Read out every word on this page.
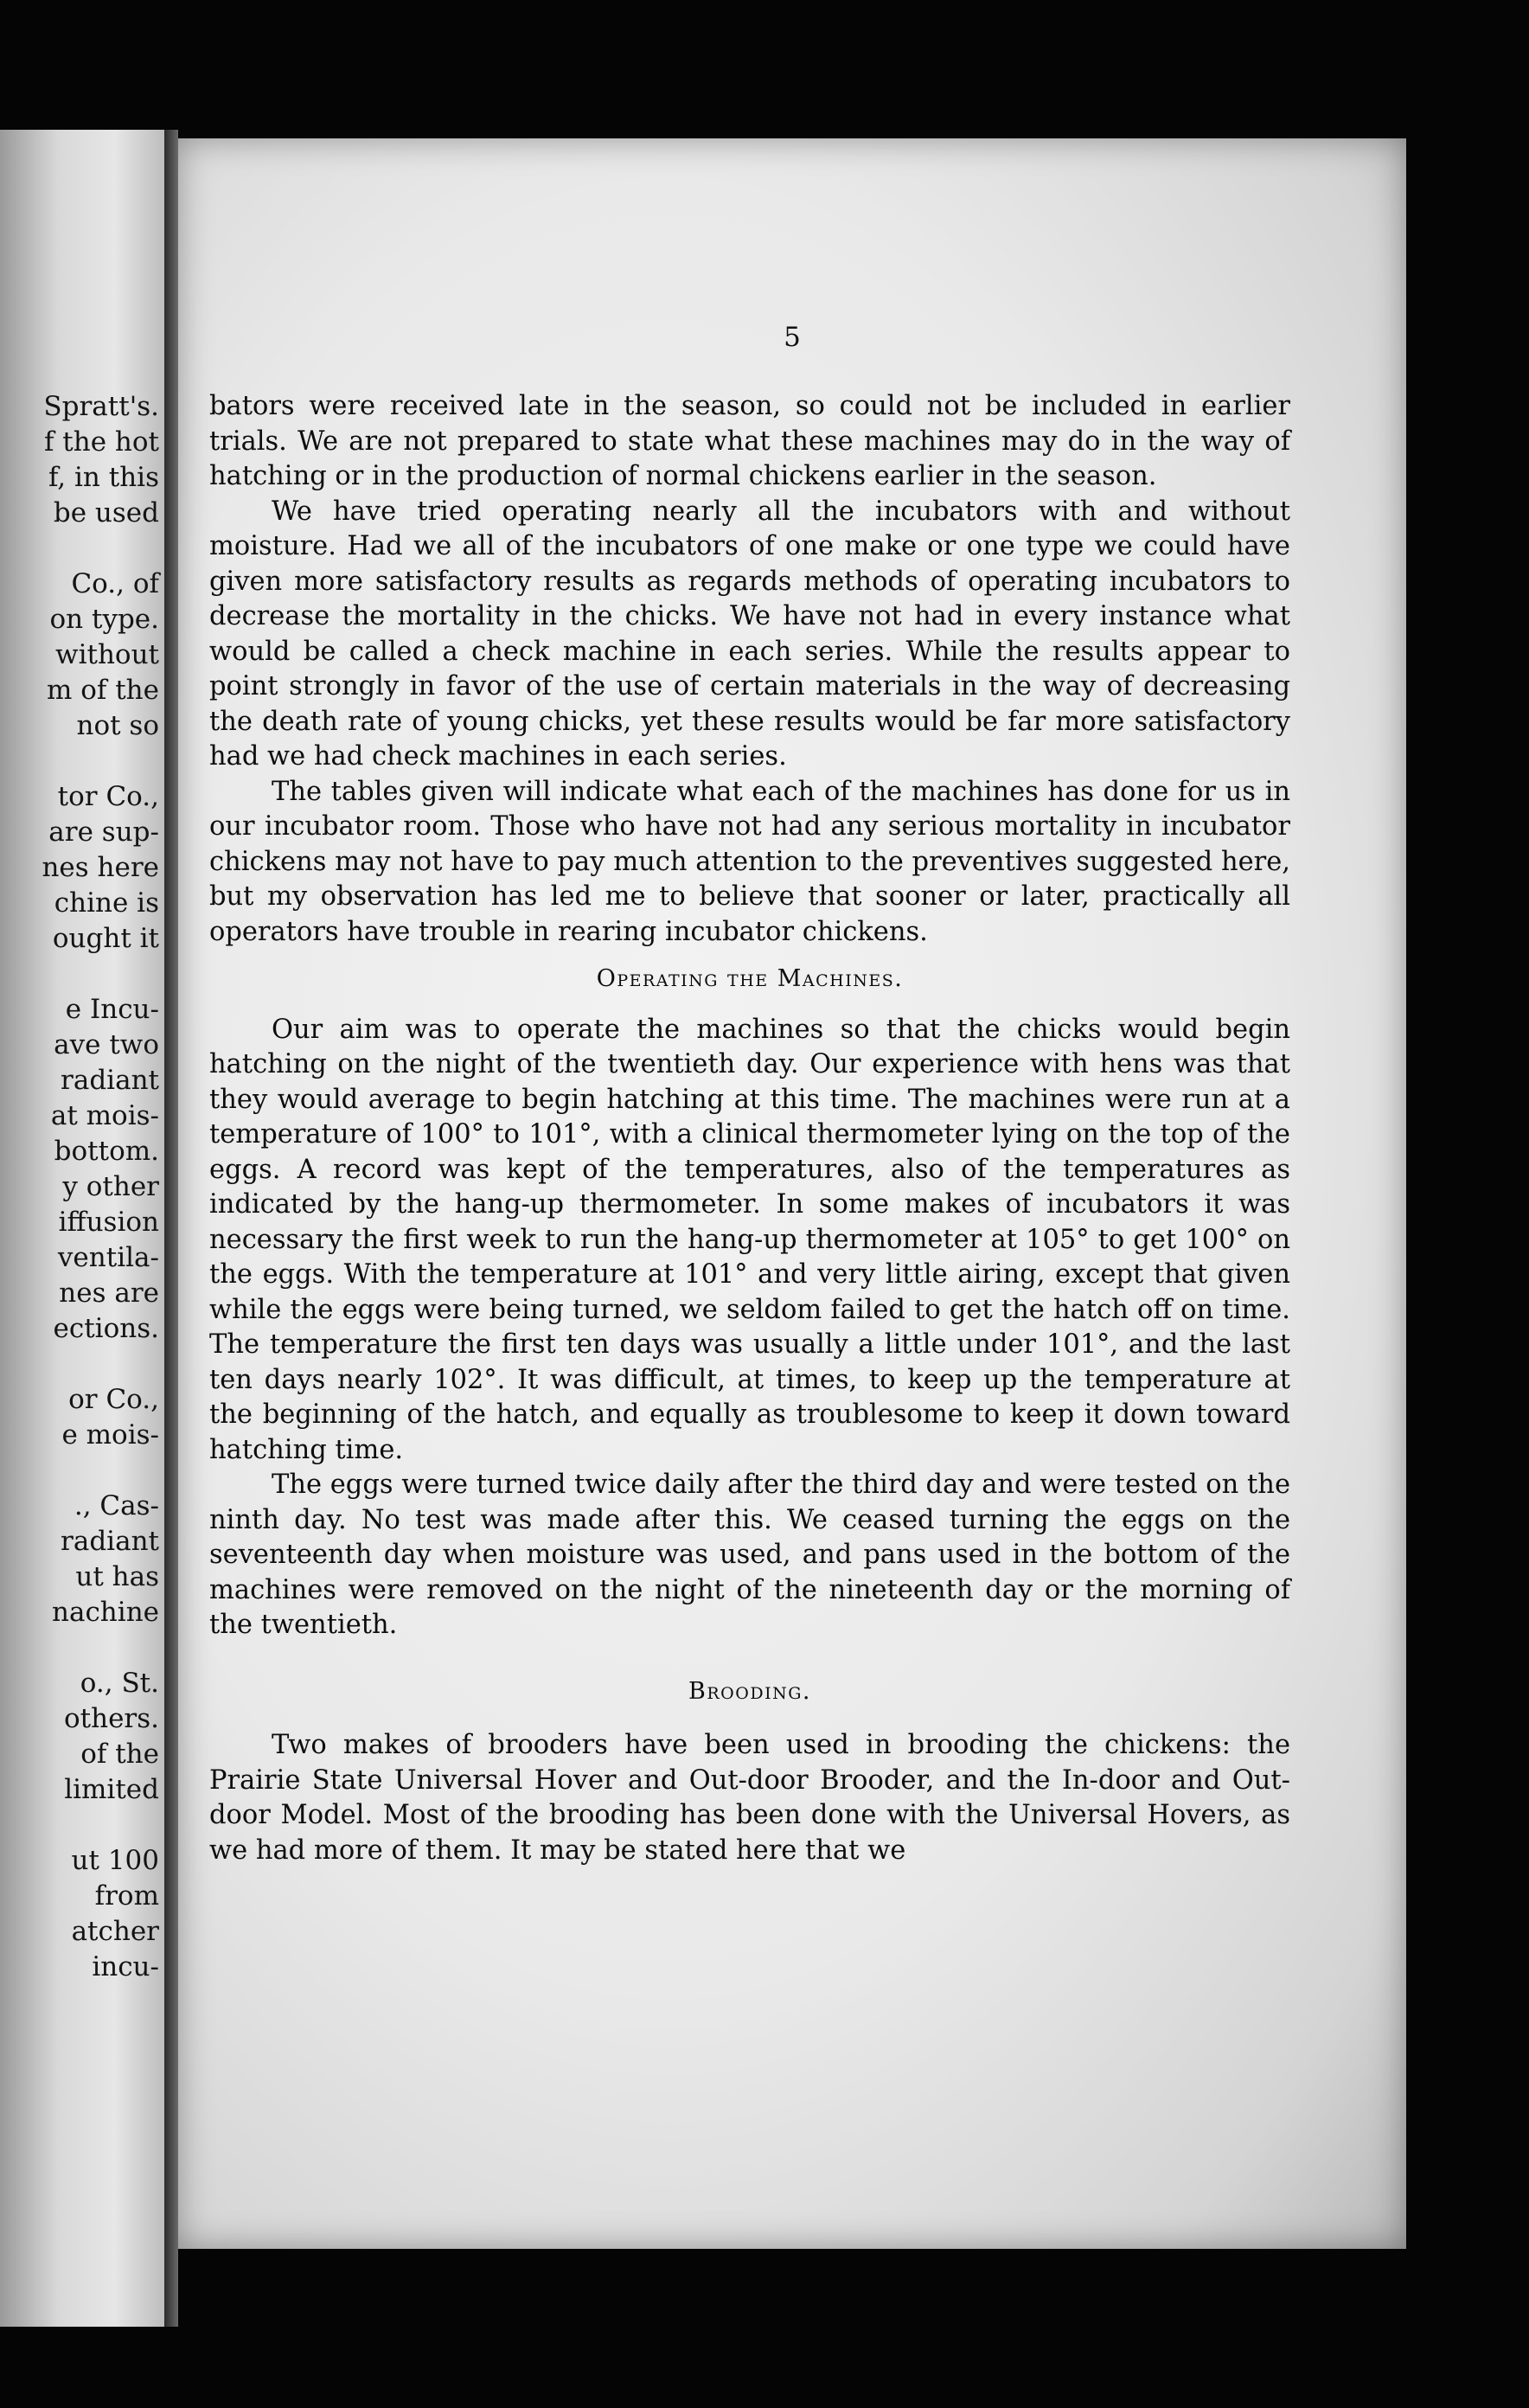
Spratt's.
f the hot
f, in this
be used
Co., of
on type.
without
m of the
not so
tor Co.,
are sup-
nes here
chine is
ought it
e Incu-
ave two
radiant
at mois-
bottom.
y other
iffusion
ventila-
nes are
ections.
or Co.,
e mois-
., Cas-
radiant
ut has
nachine
o., St.
others.
of the
limited
ut 100
from
atcher
incu-
5

bators were received late in the season, so could not be included in earlier trials. We are not prepared to state what these machines may do in the way of hatching or in the production of normal chickens earlier in the season.

We have tried operating nearly all the incubators with and without moisture. Had we all of the incubators of one make or one type we could have given more satisfactory results as regards methods of operating incubators to decrease the mortality in the chicks. We have not had in every instance what would be called a check machine in each series. While the results appear to point strongly in favor of the use of certain materials in the way of decreasing the death rate of young chicks, yet these results would be far more satisfactory had we had check machines in each series.

The tables given will indicate what each of the machines has done for us in our incubator room. Those who have not had any serious mortality in incubator chickens may not have to pay much attention to the preventives suggested here, but my observation has led me to believe that sooner or later, practically all operators have trouble in rearing incubator chickens.

Operating the Machines.

Our aim was to operate the machines so that the chicks would begin hatching on the night of the twentieth day. Our experience with hens was that they would average to begin hatching at this time. The machines were run at a temperature of 100° to 101°, with a clinical thermometer lying on the top of the eggs. A record was kept of the temperatures, also of the temperatures as indicated by the hang-up thermometer. In some makes of incubators it was necessary the first week to run the hang-up thermometer at 105° to get 100° on the eggs. With the temperature at 101° and very little airing, except that given while the eggs were being turned, we seldom failed to get the hatch off on time. The temperature the first ten days was usually a little under 101°, and the last ten days nearly 102°. It was difficult, at times, to keep up the temperature at the beginning of the hatch, and equally as troublesome to keep it down toward hatching time.

The eggs were turned twice daily after the third day and were tested on the ninth day. No test was made after this. We ceased turning the eggs on the seventeenth day when moisture was used, and pans used in the bottom of the machines were removed on the night of the nineteenth day or the morning of the twentieth.

Brooding.

Two makes of brooders have been used in brooding the chickens: the Prairie State Universal Hover and Out-door Brooder, and the In-door and Out-door Model. Most of the brooding has been done with the Universal Hovers, as we had more of them. It may be stated here that we
